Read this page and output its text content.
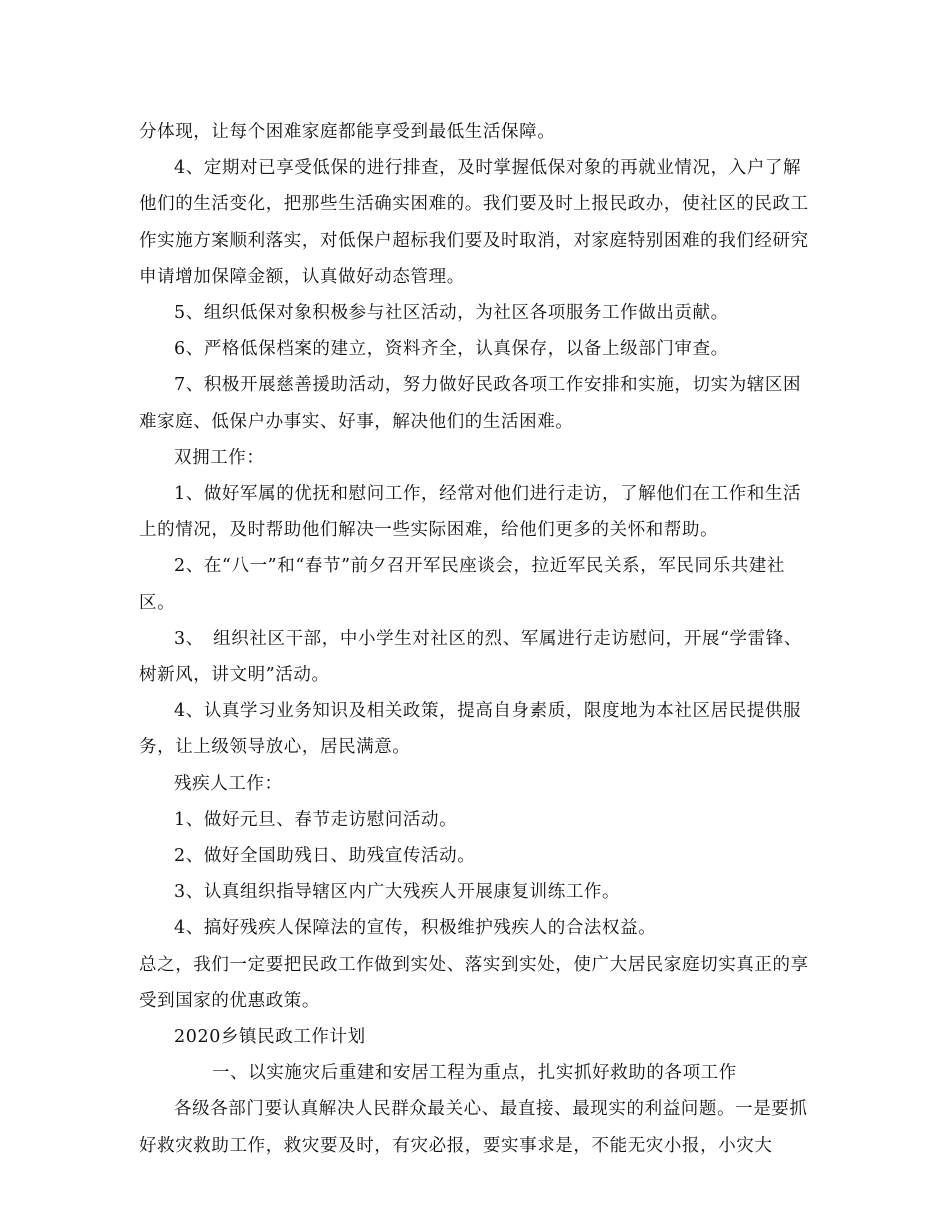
分体现，让每个困难家庭都能享受到最低生活保障。

4、定期对已享受低保的进行排查，及时掌握低保对象的再就业情况，入户了解他们的生活变化，把那些生活确实困难的。我们要及时上报民政办，使社区的民政工作实施方案顺利落实，对低保户超标我们要及时取消，对家庭特别困难的我们经研究申请增加保障金额，认真做好动态管理。

5、组织低保对象积极参与社区活动，为社区各项服务工作做出贡献。

6、严格低保档案的建立，资料齐全，认真保存，以备上级部门审查。

7、积极开展慈善援助活动，努力做好民政各项工作安排和实施，切实为辖区困难家庭、低保户办事实、好事，解决他们的生活困难。

双拥工作：

1、做好军属的优抚和慰问工作，经常对他们进行走访，了解他们在工作和生活上的情况，及时帮助他们解决一些实际困难，给他们更多的关怀和帮助。

2、在“八一”和“春节”前夕召开军民座谈会，拉近军民关系，军民同乐共建社区。

3、　组织社区干部，中小学生对社区的烈、军属进行走访慰问，开展“学雷锋、树新风，讲文明”活动。

4、认真学习业务知识及相关政策，提高自身素质，限度地为本社区居民提供服务，让上级领导放心，居民满意。

残疾人工作：

1、做好元旦、春节走访慰问活动。

2、做好全国助残日、助残宣传活动。

3、认真组织指导辖区内广大残疾人开展康复训练工作。

4、搞好残疾人保障法的宣传，积极维护残疾人的合法权益。

总之，我们一定要把民政工作做到实处、落实到实处，使广大居民家庭切实真正的享受到国家的优惠政策。

2020乡镇民政工作计划

一、以实施灾后重建和安居工程为重点，扎实抓好救助的各项工作

各级各部门要认真解决人民群众最关心、最直接、最现实的利益问题。一是要抓好救灾救助工作，救灾要及时，有灾必报，要实事求是，不能无灾小报，小灾大
